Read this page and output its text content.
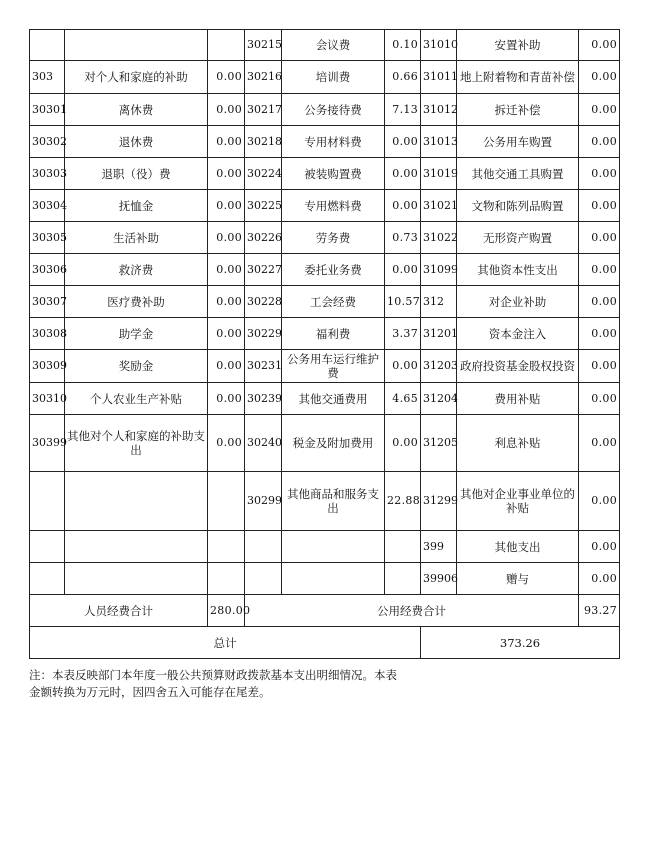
			30215	会议费	0.10	31010	安置补助	0.00
303	对个人和家庭的补助	0.00	30216	培训费	0.66	31011	地上附着物和青苗补偿	0.00
30301	离休费	0.00	30217	公务接待费	7.13	31012	拆迁补偿	0.00
30302	退休费	0.00	30218	专用材料费	0.00	31013	公务用车购置	0.00
30303	退职（役）费	0.00	30224	被装购置费	0.00	31019	其他交通工具购置	0.00
30304	抚恤金	0.00	30225	专用燃料费	0.00	31021	文物和陈列品购置	0.00
30305	生活补助	0.00	30226	劳务费	0.73	31022	无形资产购置	0.00
30306	救济费	0.00	30227	委托业务费	0.00	31099	其他资本性支出	0.00
30307	医疗费补助	0.00	30228	工会经费	10.57	312	对企业补助	0.00
30308	助学金	0.00	30229	福利费	3.37	31201	资本金注入	0.00
30309	奖励金	0.00	30231	公务用车运行维护费	0.00	31203	政府投资基金股权投资	0.00
30310	个人农业生产补贴	0.00	30239	其他交通费用	4.65	31204	费用补贴	0.00
30399	其他对个人和家庭的补助支出	0.00	30240	税金及附加费用	0.00	31205	利息补贴	0.00
			30299	其他商品和服务支出	22.88	31299	其他对企业事业单位的补贴	0.00
						399	其他支出	0.00
						39906	赠与	0.00
人员经费合计		280.00	公用经费合计					93.27
总计						373.26		
注：本表反映部门本年度一般公共预算财政拨款基本支出明细情况。本表金额转换为万元时，因四舍五入可能存在尾差。
